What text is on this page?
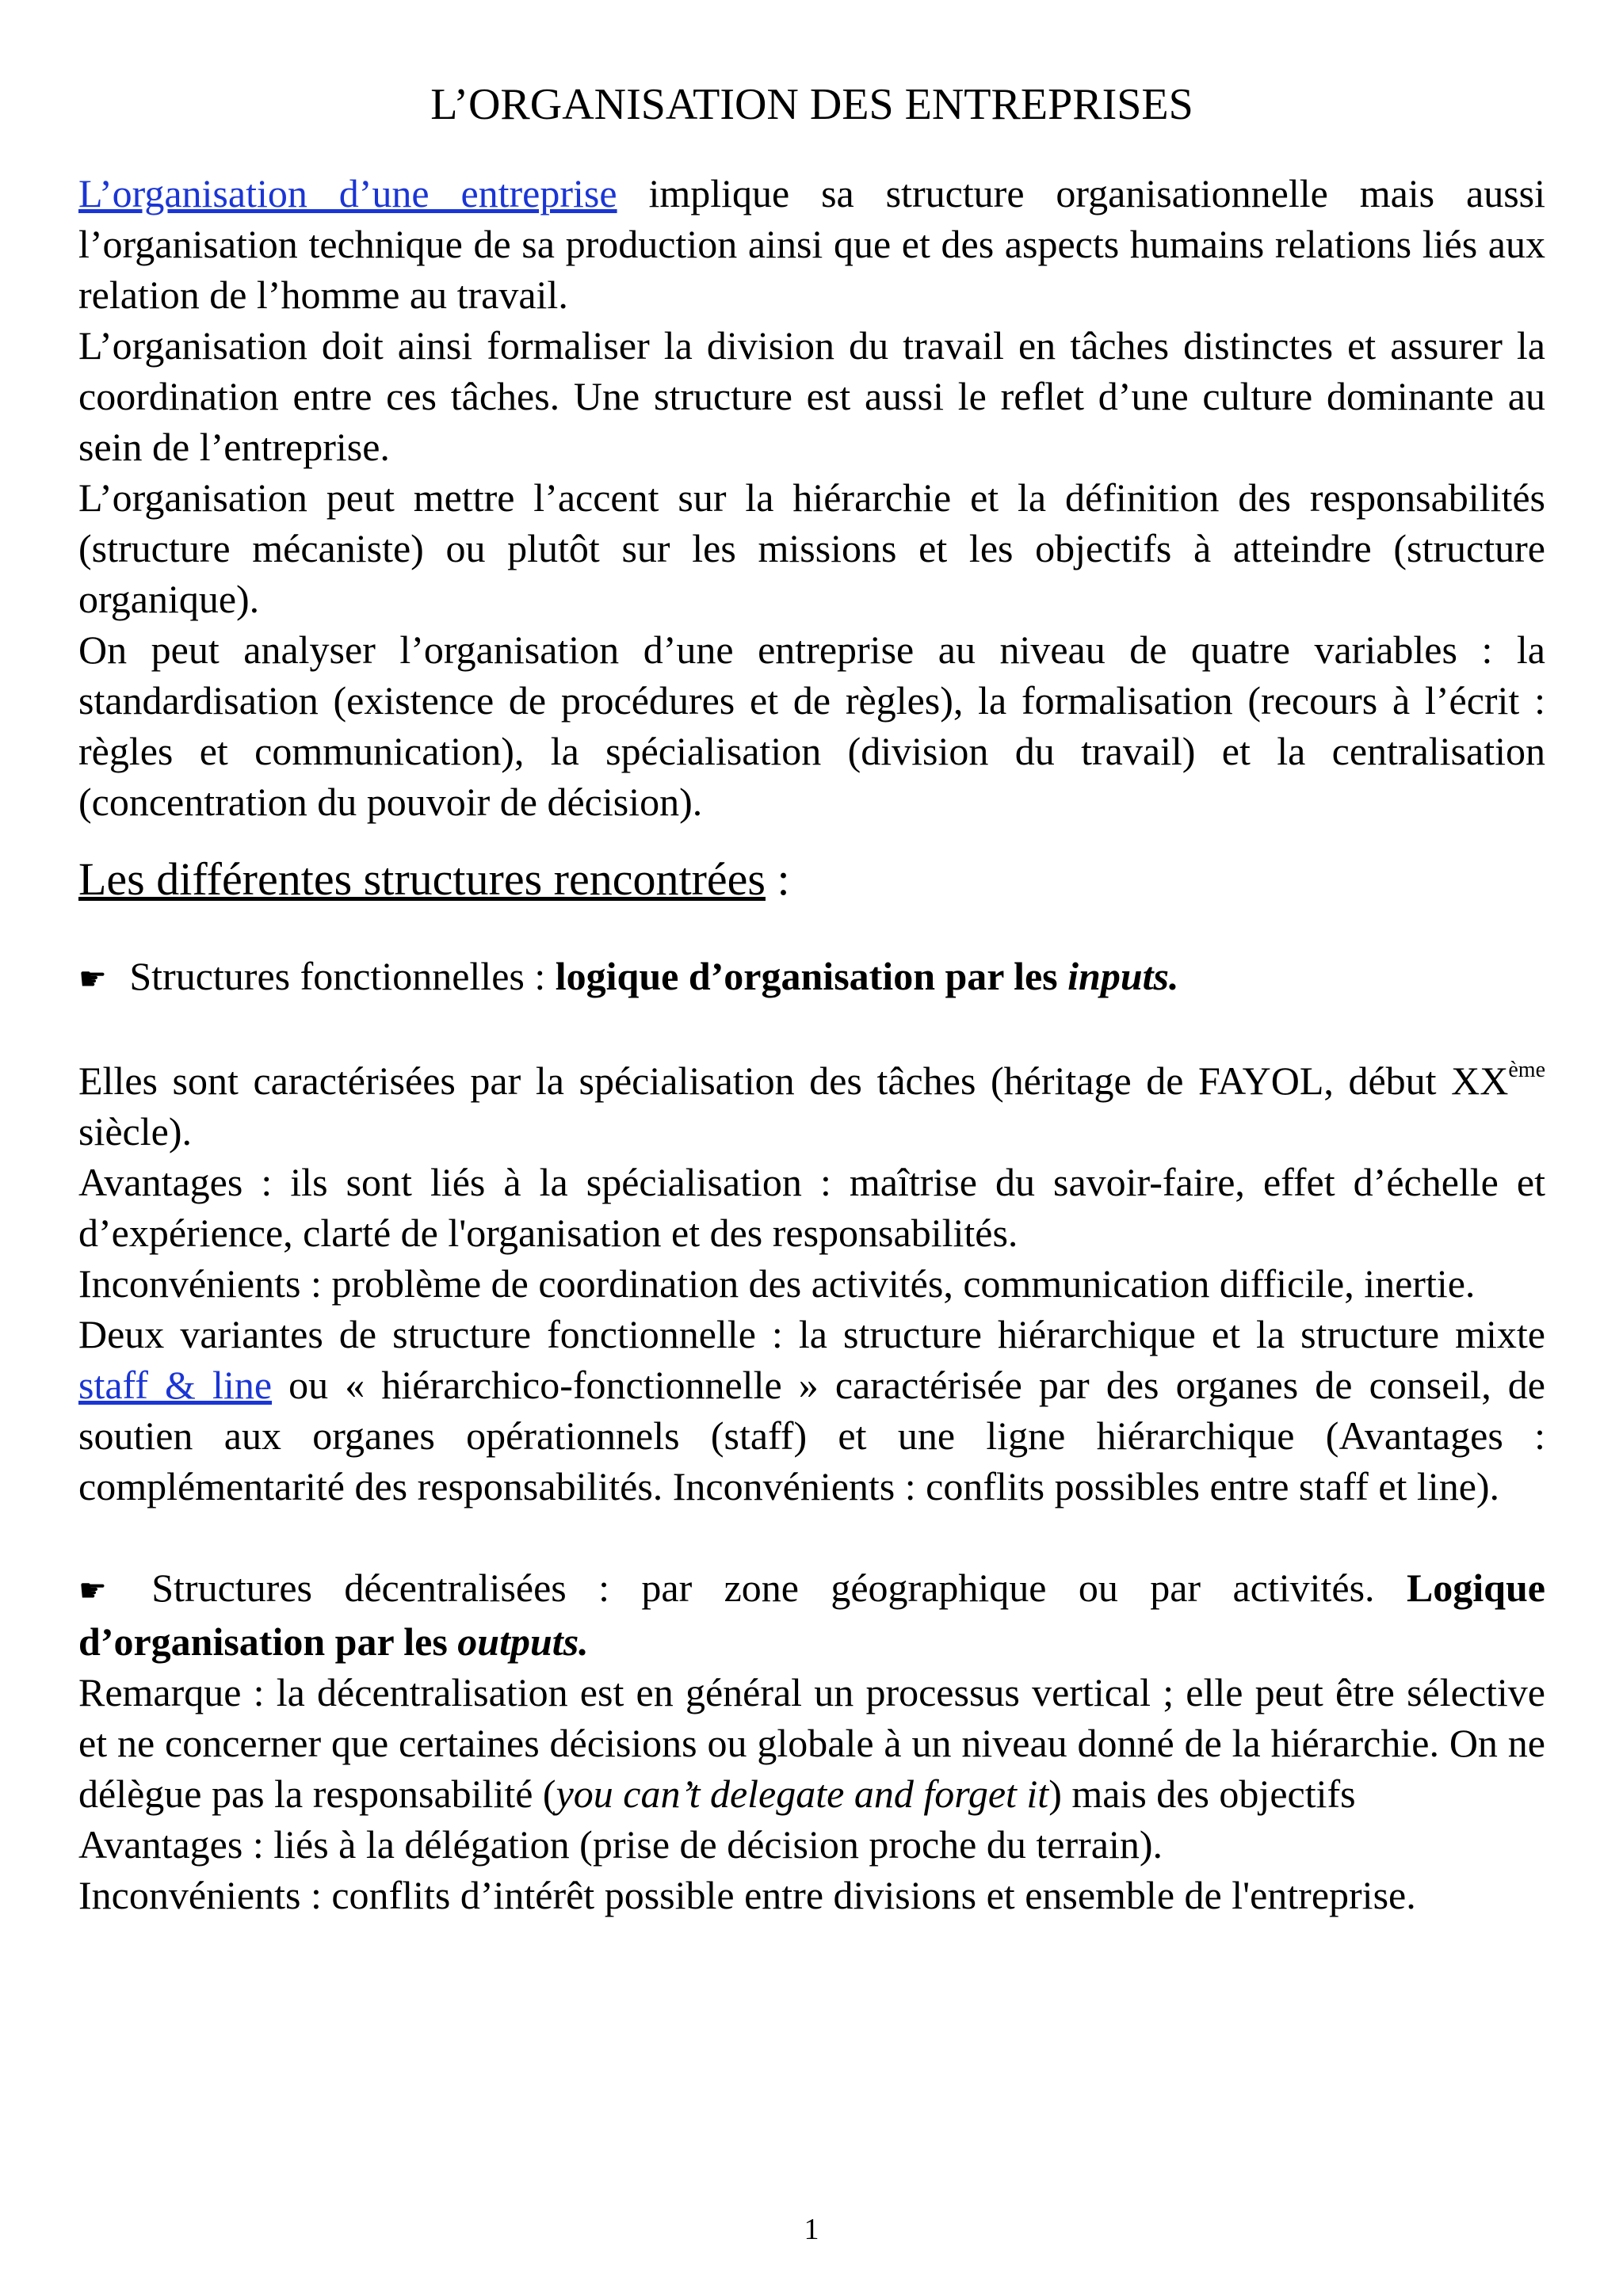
L’ORGANISATION DES ENTREPRISES

L’organisation d’une entreprise implique sa structure organisationnelle mais aussi l’organisation technique de sa production ainsi que et des aspects humains relations liés aux relation de l’homme au travail.

L’organisation doit ainsi formaliser la division du travail en tâches distinctes et assurer la coordination entre ces tâches. Une structure est aussi le reflet d’une culture dominante au sein de l’entreprise.

L’organisation peut mettre l’accent sur la hiérarchie et la définition des responsabilités (structure mécaniste) ou plutôt sur les missions et les objectifs à atteindre (structure organique).

On peut analyser l’organisation d’une entreprise au niveau de quatre variables : la standardisation (existence de procédures et de règles), la formalisation (recours à l’écrit : règles et communication), la spécialisation (division du travail) et la centralisation (concentration du pouvoir de décision).

Les différentes structures rencontrées :

☛ Structures fonctionnelles : logique d’organisation par les inputs.

Elles sont caractérisées par la spécialisation des tâches (héritage de FAYOL, début XXème siècle).

Avantages : ils sont liés à la spécialisation : maîtrise du savoir-faire, effet d’échelle et d’expérience, clarté de l'organisation et des responsabilités.

Inconvénients : problème de coordination des activités, communication difficile, inertie.

Deux variantes de structure fonctionnelle : la structure hiérarchique et la structure mixte staff & line ou « hiérarchico-fonctionnelle » caractérisée par des organes de conseil, de soutien aux organes opérationnels (staff) et une ligne hiérarchique (Avantages : complémentarité des responsabilités. Inconvénients : conflits possibles entre staff et line).

☛ Structures décentralisées : par zone géographique ou par activités. Logique d’organisation par les outputs.

Remarque : la décentralisation est en général un processus vertical ; elle peut être sélective et ne concerner que certaines décisions ou globale à un niveau donné de la hiérarchie. On ne délègue pas la responsabilité (you can’t delegate and forget it) mais des objectifs

Avantages : liés à la délégation (prise de décision proche du terrain).

Inconvénients : conflits d’intérêt possible entre divisions et ensemble de l'entreprise.

1
